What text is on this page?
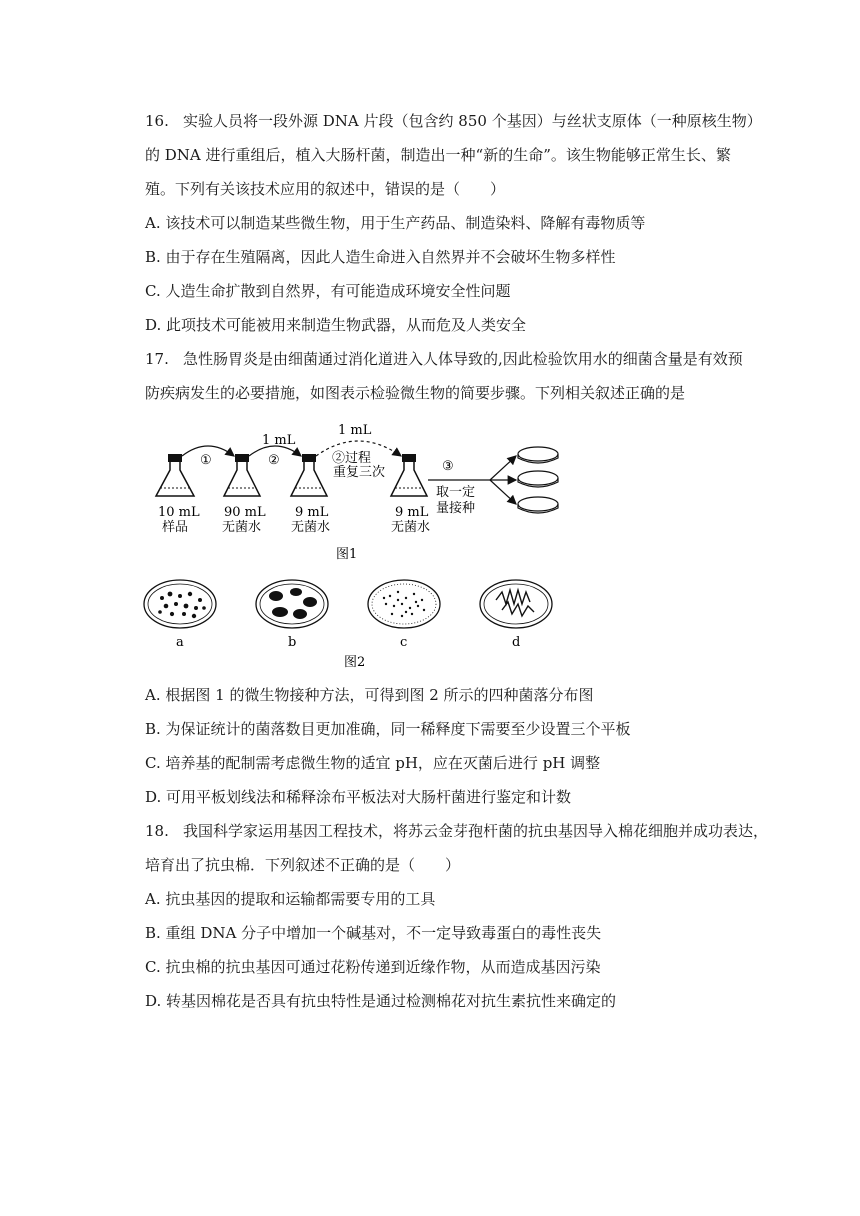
16. 实验人员将一段外源 DNA 片段（包含约 850 个基因）与丝状支原体（一种原核生物）
的 DNA 进行重组后，植入大肠杆菌，制造出一种“新的生命”。该生物能够正常生长、繁
殖。下列有关该技术应用的叙述中，错误的是（　　）
A. 该技术可以制造某些微生物，用于生产药品、制造染料、降解有毒物质等
B. 由于存在生殖隔离，因此人造生命进入自然界并不会破坏生物多样性
C. 人造生命扩散到自然界，有可能造成环境安全性问题
D. 此项技术可能被用来制造生物武器，从而危及人类安全
17. 急性肠胃炎是由细菌通过消化道进入人体导致的,因此检验饮用水的细菌含量是有效预
防疾病发生的必要措施，如图表示检验微生物的简要步骤。下列相关叙述正确的是
①	②
1 mL
1 mL
②过程
重复三次	③
取一定
量接种
10 mL
样品
90 mL
无菌水
9 mL
无菌水
9 mL
无菌水
图1
a	b	c	d
图2
A. 根据图 1 的微生物接种方法，可得到图 2 所示的四种菌落分布图
B. 为保证统计的菌落数目更加准确，同一稀释度下需要至少设置三个平板
C. 培养基的配制需考虑微生物的适宜 pH，应在灭菌后进行 pH 调整
D. 可用平板划线法和稀释涂布平板法对大肠杆菌进行鉴定和计数
18. 我国科学家运用基因工程技术，将苏云金芽孢杆菌的抗虫基因导入棉花细胞并成功表达，
培育出了抗虫棉．下列叙述不正确的是（　　）
A. 抗虫基因的提取和运输都需要专用的工具
B. 重组 DNA 分子中增加一个碱基对，不一定导致毒蛋白的毒性丧失
C. 抗虫棉的抗虫基因可通过花粉传递到近缘作物，从而造成基因污染
D. 转基因棉花是否具有抗虫特性是通过检测棉花对抗生素抗性来确定的
